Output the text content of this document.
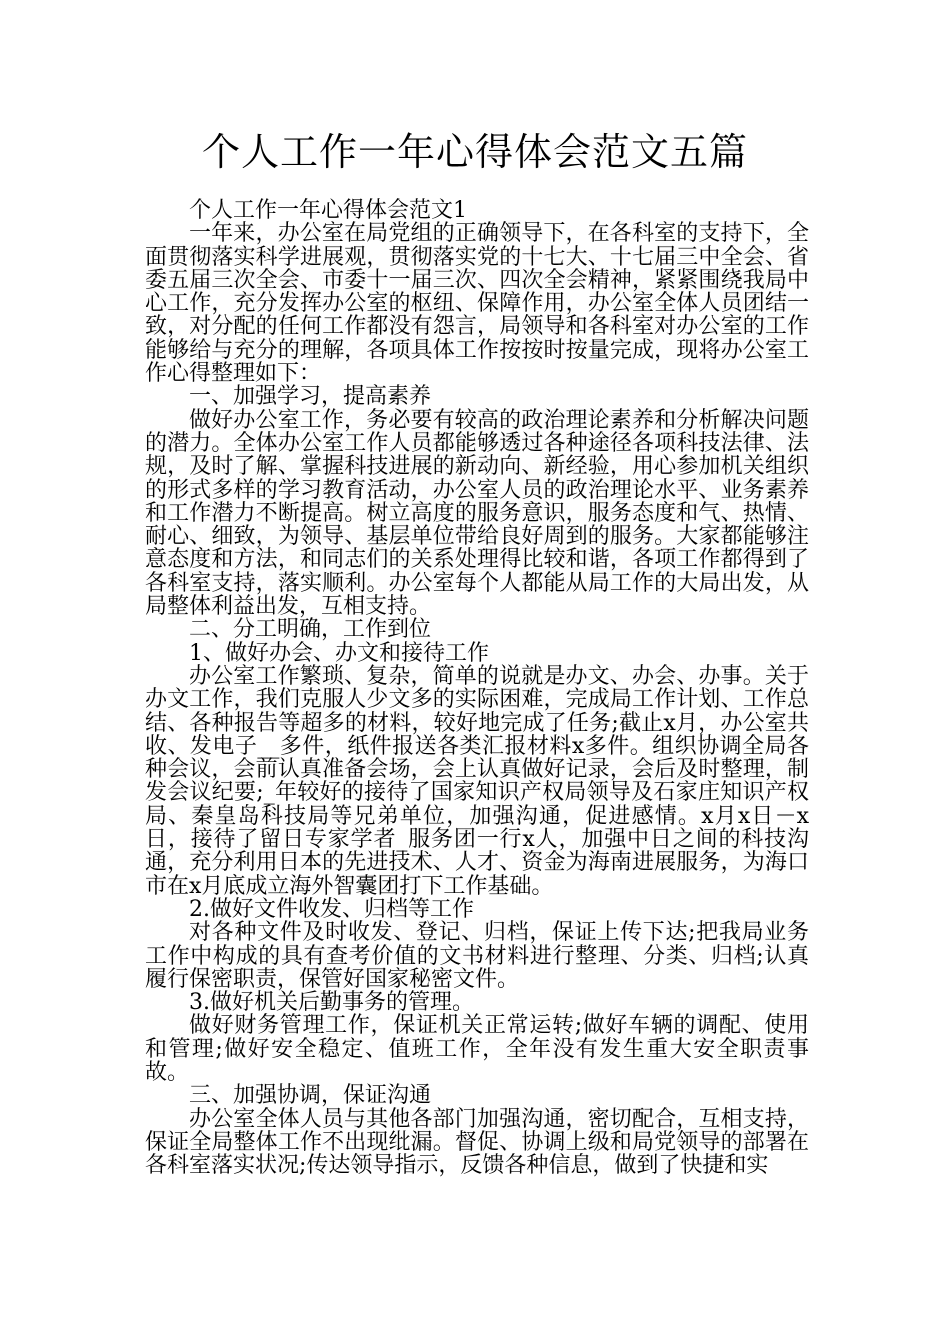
个人工作一年心得体会范文五篇

个人工作一年心得体会范文1

一年来，办公室在局党组的正确领导下，在各科室的支持下，全面贯彻落实科学进展观，贯彻落实党的十七大、十七届三中全会、省委五届三次全会、市委十一届三次、四次全会精神，紧紧围绕我局中心工作，充分发挥办公室的枢纽、保障作用，办公室全体人员团结一致，对分配的任何工作都没有怨言，局领导和各科室对办公室的工作能够给与充分的理解，各项具体工作按按时按量完成，现将办公室工作心得整理如下：

一、加强学习，提高素养

做好办公室工作，务必要有较高的政治理论素养和分析解决问题的潜力。全体办公室工作人员都能够透过各种途径各项科技法律、法规，及时了解、掌握科技进展的新动向、新经验，用心参加机关组织的形式多样的学习教育活动，办公室人员的政治理论水平、业务素养和工作潜力不断提高。树立高度的服务意识，服务态度和气、热情、耐心、细致，为领导、基层单位带给良好周到的服务。大家都能够注意态度和方法，和同志们的关系处理得比较和谐，各项工作都得到了各科室支持，落实顺利。办公室每个人都能从局工作的大局出发，从局整体利益出发，互相支持。

二、分工明确，工作到位

1、做好办会、办文和接待工作

办公室工作繁琐、复杂，简单的说就是办文、办会、办事。关于办文工作，我们克服人少文多的实际困难，完成局工作计划、工作总结、各种报告等超多的材料，较好地完成了任务;截止x月，办公室共收、发电子__多件，纸件报送各类汇报材料x多件。组织协调全局各种会议，会前认真准备会场，会上认真做好记录，会后及时整理，制发会议纪要;_年较好的接待了国家知识产权局领导及石家庄知识产权局、秦皇岛科技局等兄弟单位，加强沟通，促进感情。x月x日－x日，接待了留日专家学者_服务团一行x人，加强中日之间的科技沟通，充分利用日本的先进技术、人才、资金为海南进展服务，为海口市在x月底成立海外智囊团打下工作基础。

2.做好文件收发、归档等工作

对各种文件及时收发、登记、归档，保证上传下达;把我局业务工作中构成的具有查考价值的文书材料进行整理、分类、归档;认真履行保密职责，保管好国家秘密文件。

3.做好机关后勤事务的管理。

做好财务管理工作，保证机关正常运转;做好车辆的调配、使用和管理;做好安全稳定、值班工作，全年没有发生重大安全职责事故。

三、加强协调，保证沟通

办公室全体人员与其他各部门加强沟通，密切配合，互相支持，保证全局整体工作不出现纰漏。督促、协调上级和局党领导的部署在各科室落实状况;传达领导指示，反馈各种信息，做到了快捷和实
